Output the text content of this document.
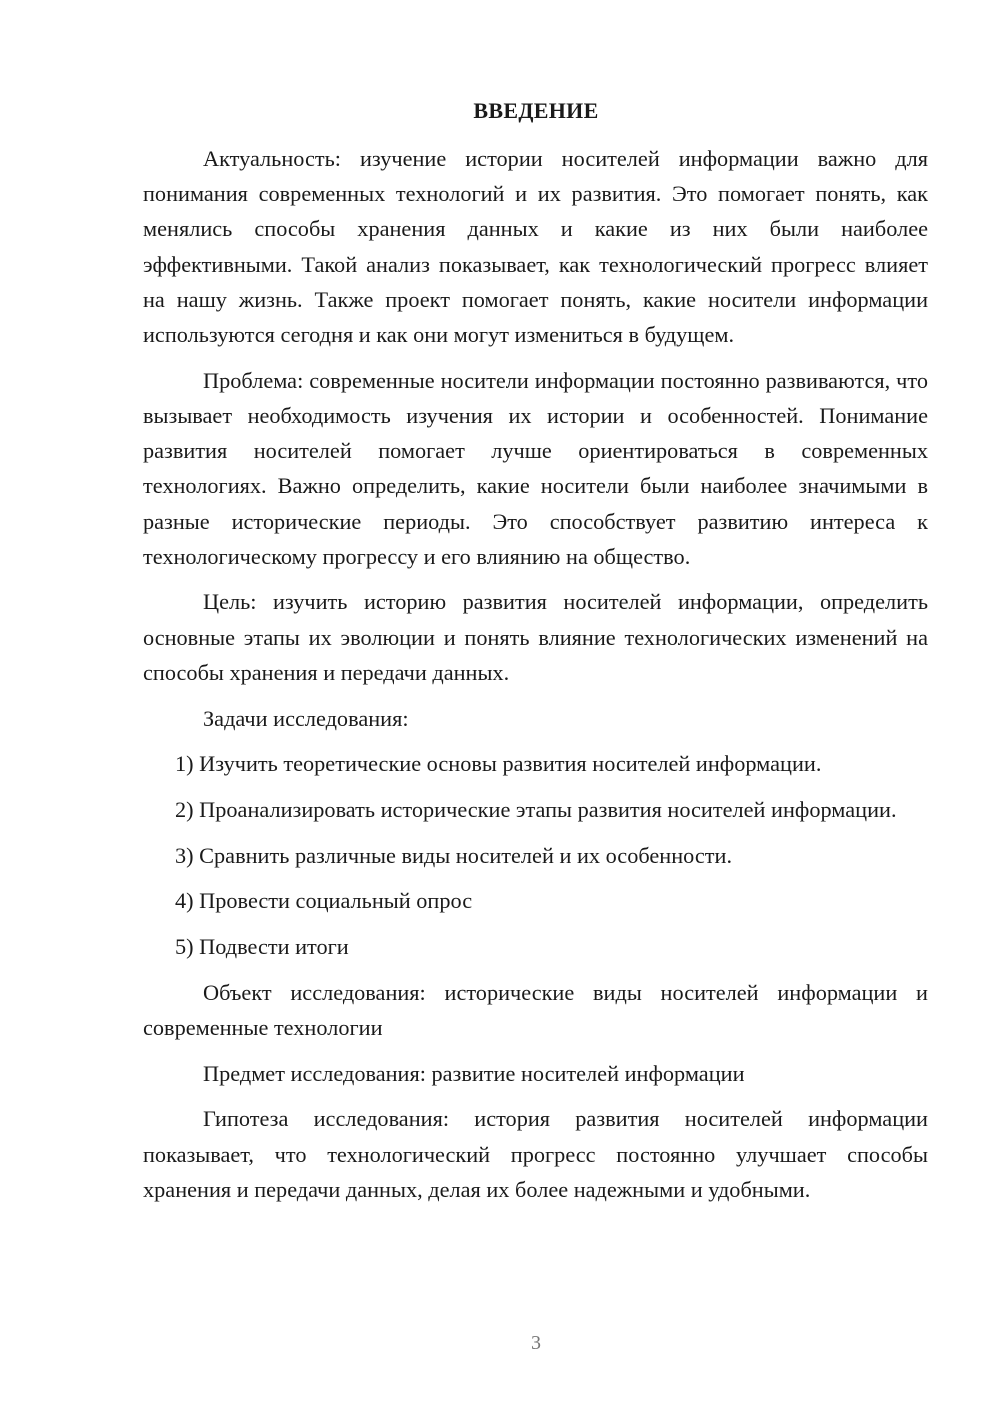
ВВЕДЕНИЕ

Актуальность: изучение истории носителей информации важно для понимания современных технологий и их развития. Это помогает понять, как менялись способы хранения данных и какие из них были наиболее эффективными. Такой анализ показывает, как технологический прогресс влияет на нашу жизнь. Также проект помогает понять, какие носители информации используются сегодня и как они могут измениться в будущем.

Проблема: современные носители информации постоянно развиваются, что вызывает необходимость изучения их истории и особенностей. Понимание развития носителей помогает лучше ориентироваться в современных технологиях. Важно определить, какие носители были наиболее значимыми в разные исторические периоды. Это способствует развитию интереса к технологическому прогрессу и его влиянию на общество.

Цель: изучить историю развития носителей информации, определить основные этапы их эволюции и понять влияние технологических изменений на способы хранения и передачи данных.

Задачи исследования:

1) Изучить теоретические основы развития носителей информации.

2) Проанализировать исторические этапы развития носителей информации.

3) Сравнить различные виды носителей и их особенности.

4) Провести социальный опрос

5) Подвести итоги

Объект исследования: исторические виды носителей информации и современные технологии

Предмет исследования: развитие носителей информации

Гипотеза исследования: история развития носителей информации показывает, что технологический прогресс постоянно улучшает способы хранения и передачи данных, делая их более надежными и удобными.

3
